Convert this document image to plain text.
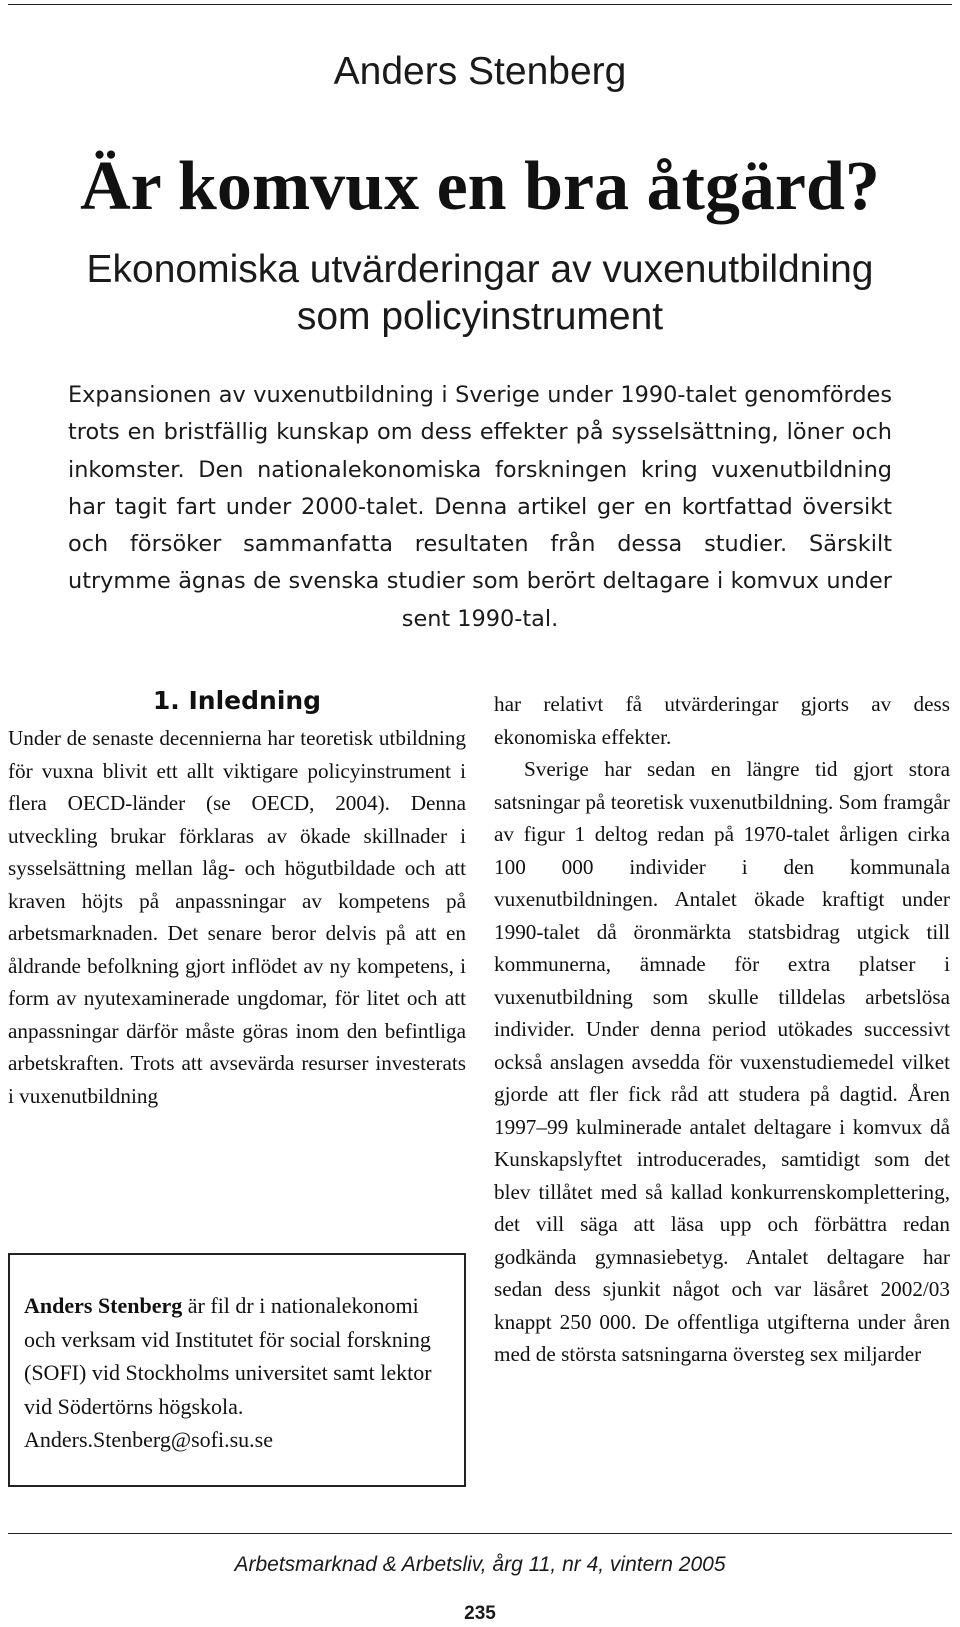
Anders Stenberg
Är komvux en bra åtgärd?
Ekonomiska utvärderingar av vuxenutbildning som policyinstrument
Expansionen av vuxenutbildning i Sverige under 1990-talet genomfördes trots en bristfällig kunskap om dess effekter på sysselsättning, löner och inkomster. Den nationalekonomiska forskningen kring vuxenutbildning har tagit fart under 2000-talet. Denna artikel ger en kortfattad översikt och försöker sammanfatta resultaten från dessa studier. Särskilt utrymme ägnas de svenska studier som berört deltagare i komvux under sent 1990-tal.
1. Inledning

Under de senaste decennierna har teoretisk utbildning för vuxna blivit ett allt viktigare policyinstrument i flera OECD-länder (se OECD, 2004). Denna utveckling brukar förklaras av ökade skillnader i sysselsättning mellan låg- och högutbildade och att kraven höjts på anpassningar av kompetens på arbetsmarknaden. Det senare beror delvis på att en åldrande befolkning gjort inflödet av ny kompetens, i form av nyutexaminerade ungdomar, för litet och att anpassningar därför måste göras inom den befintliga arbetskraften. Trots att avsevärda resurser investerats i vuxenutbildning

har relativt få utvärderingar gjorts av dess ekonomiska effekter.

Sverige har sedan en längre tid gjort stora satsningar på teoretisk vuxenutbildning. Som framgår av figur 1 deltog redan på 1970-talet årligen cirka 100 000 individer i den kommunala vuxenutbildningen. Antalet ökade kraftigt under 1990-talet då öronmärkta statsbidrag utgick till kommunerna, ämnade för extra platser i vuxenutbildning som skulle tilldelas arbetslösa individer. Under denna period utökades successivt också anslagen avsedda för vuxenstudiemedel vilket gjorde att fler fick råd att studera på dagtid. Åren 1997–99 kulminerade antalet deltagare i komvux då Kunskapslyftet introducerades, samtidigt som det blev tillåtet med så kallad konkurrenskomplettering, det vill säga att läsa upp och förbättra redan godkända gymnasiebetyg. Antalet deltagare har sedan dess sjunkit något och var läsåret 2002/03 knappt 250 000. De offentliga utgifterna under åren med de största satsningarna översteg sex miljarder

Anders Stenberg är fil dr i nationalekonomi och verksam vid Institutet för social forskning (SOFI) vid Stockholms universitet samt lektor vid Södertörns högskola. Anders.Stenberg@sofi.su.se

Arbetsmarknad & Arbetsliv, årg 11, nr 4, vintern 2005
235
